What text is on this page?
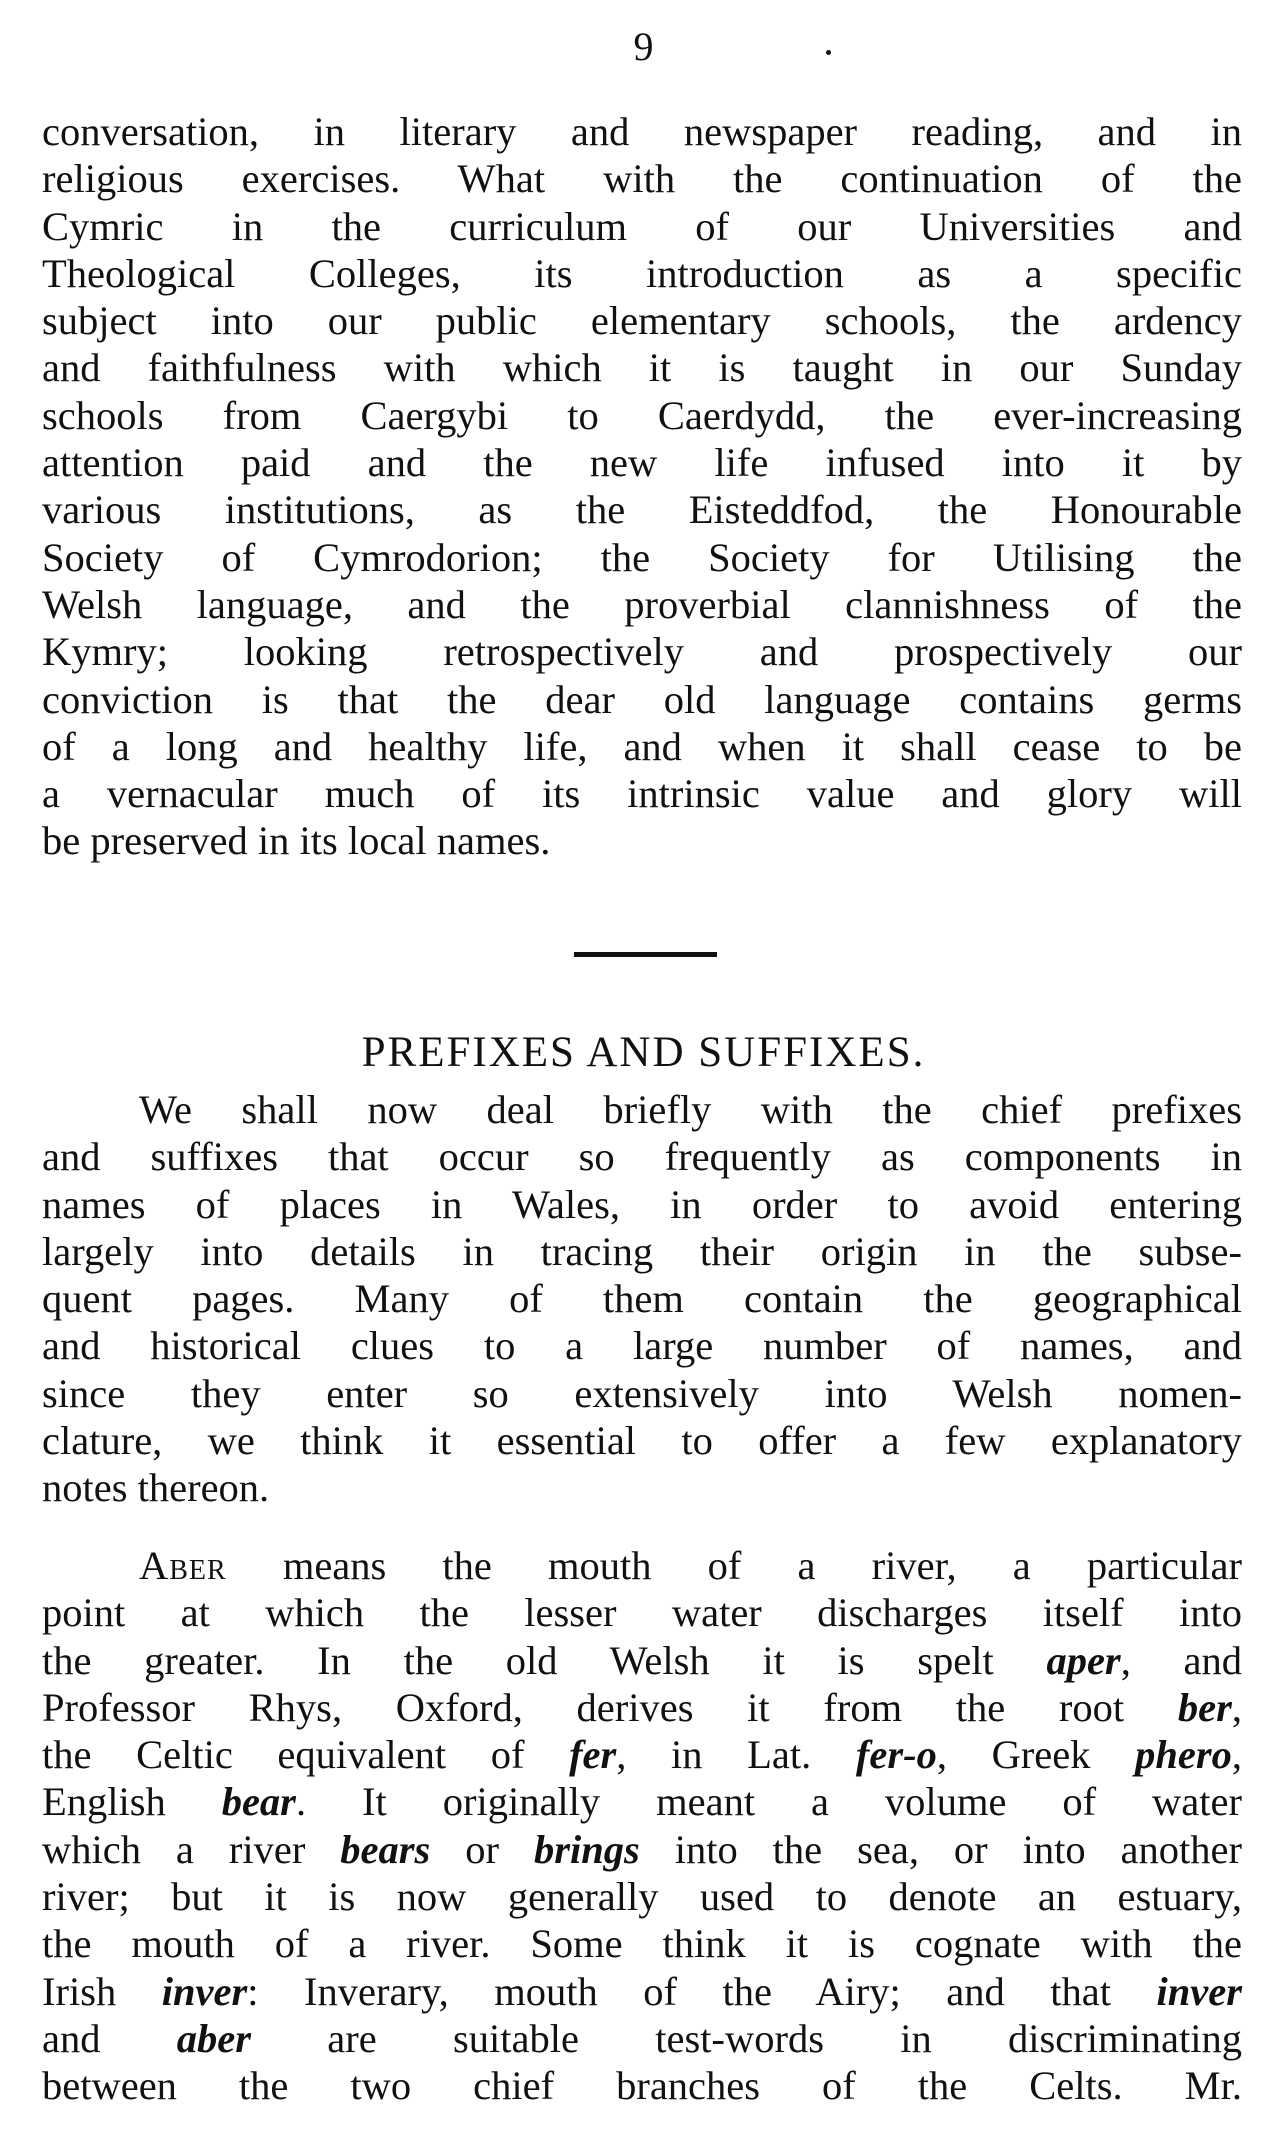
9
conversation, in literary and newspaper reading, and in
religious exercises. What with the continuation of the
Cymric in the curriculum of our Universities and
Theological Colleges, its introduction as a specific
subject into our public elementary schools, the ardency
and faithfulness with which it is taught in our Sunday
schools from Caergybi to Caerdydd, the ever-increasing
attention paid and the new life infused into it by
various institutions, as the Eisteddfod, the Honourable
Society of Cymrodorion; the Society for Utilising the
Welsh language, and the proverbial clannishness of the
Kymry; looking retrospectively and prospectively our
conviction is that the dear old language contains germs
of a long and healthy life, and when it shall cease to be
a vernacular much of its intrinsic value and glory will
be preserved in its local names.
PREFIXES AND SUFFIXES.
We shall now deal briefly with the chief prefixes
and suffixes that occur so frequently as components in
names of places in Wales, in order to avoid entering
largely into details in tracing their origin in the subse-
quent pages. Many of them contain the geographical
and historical clues to a large number of names, and
since they enter so extensively into Welsh nomen-
clature, we think it essential to offer a few explanatory
notes thereon.
Aber means the mouth of a river, a particular
point at which the lesser water discharges itself into
the greater. In the old Welsh it is spelt aper, and
Professor Rhys, Oxford, derives it from the root ber,
the Celtic equivalent of fer, in Lat. fer-o, Greek phero,
English bear. It originally meant a volume of water
which a river bears or brings into the sea, or into another
river; but it is now generally used to denote an estuary,
the mouth of a river. Some think it is cognate with the
Irish inver: Inverary, mouth of the Airy; and that inver
and aber are suitable test-words in discriminating
between the two chief branches of the Celts. Mr.
